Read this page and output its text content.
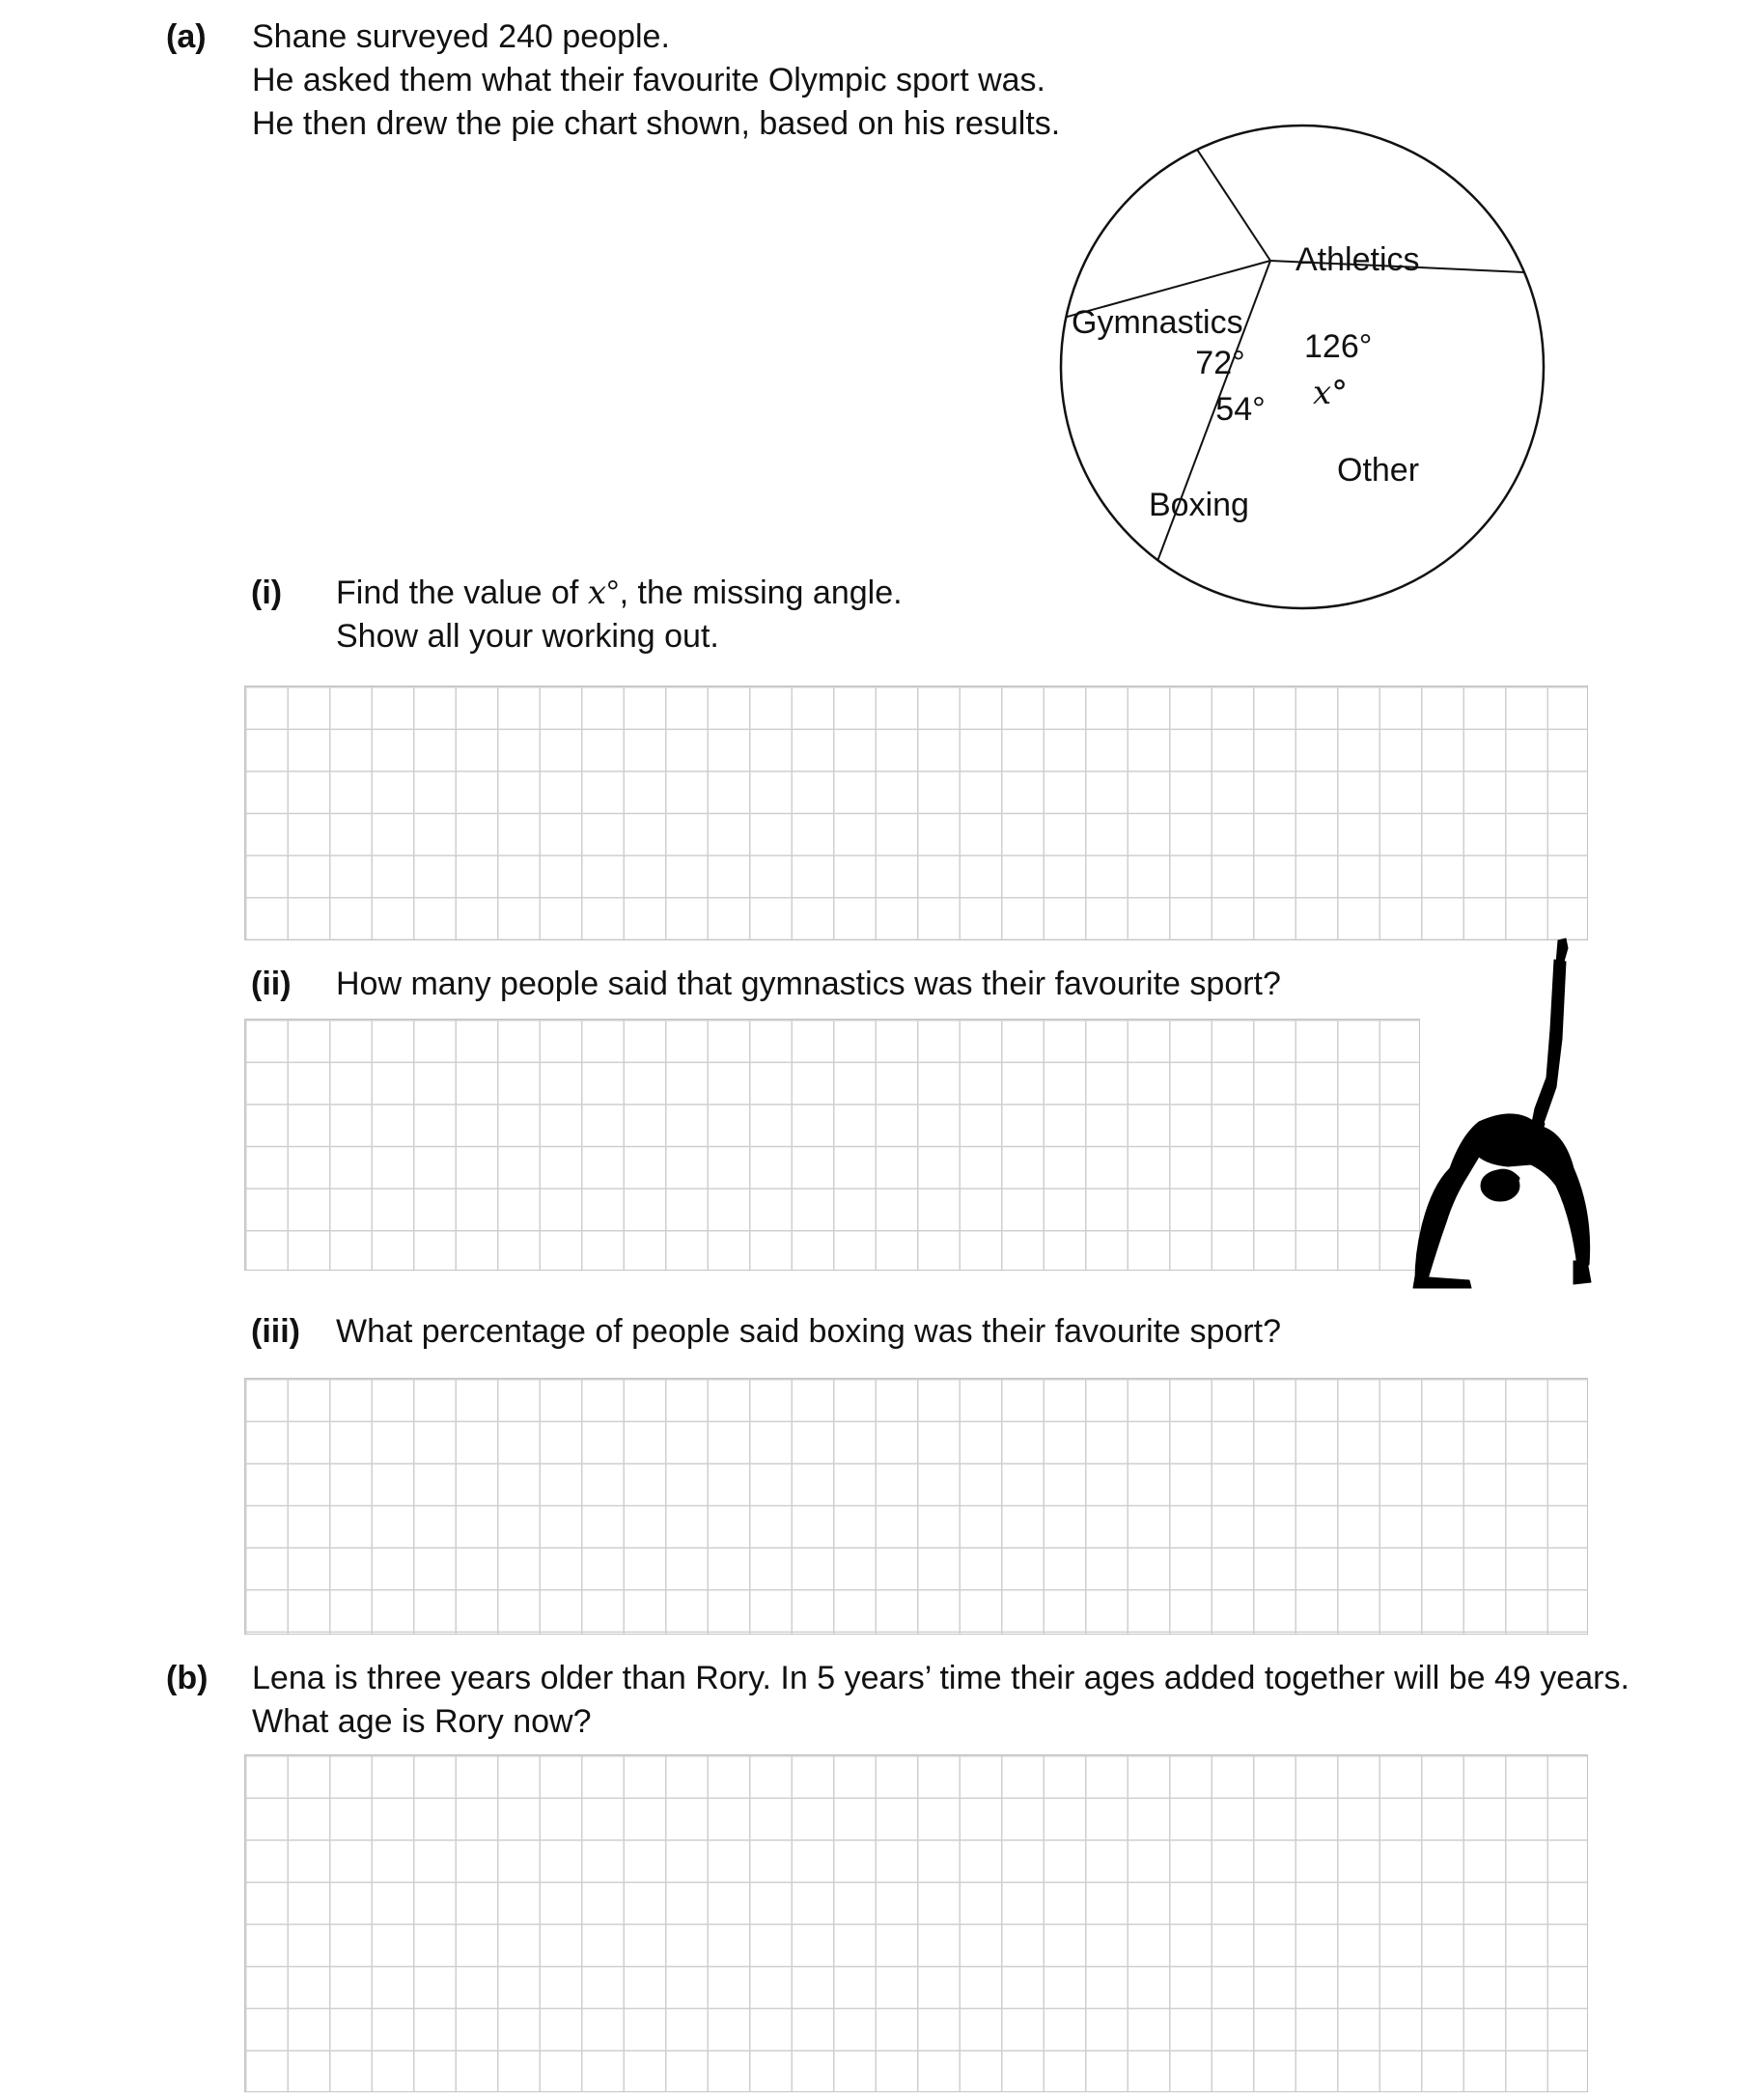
(a) Shane surveyed 240 people.
He asked them what their favourite Olympic sport was.
He then drew the pie chart shown, based on his results.
Athletics
Gymnastics
Other
Boxing
126°
72°
54° x°
(i) Find the value of x°, the missing angle.
Show all your working out.
(ii) How many people said that gymnastics was their favourite sport?
(iii) What percentage of people said boxing was their favourite sport?
(b) Lena is three years older than Rory. In 5 years’ time their ages added together will be 49 years.
What age is Rory now?
